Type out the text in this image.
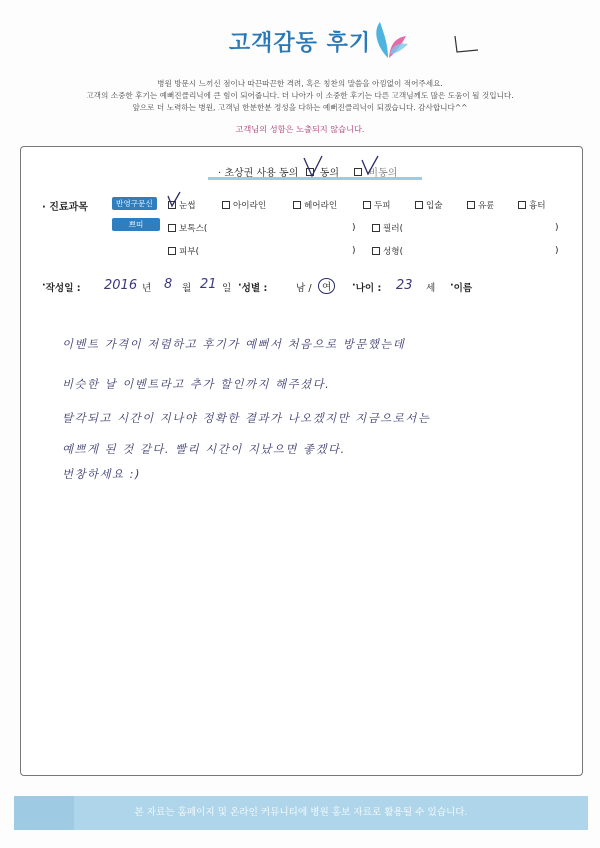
고객감동 후기
병원 방문시 느끼신 점이나 따끈따끈한 격려, 혹은 칭찬의 말씀을 아낌없이 적어주세요.
고객의 소중한 후기는 예뻐진클리닉에 큰 힘이 되어줍니다. 더 나아가 이 소중한 후기는 다른 고객님께도 많은 도움이 될 것입니다.
앞으로 더 노력하는 병원, 고객님 한분한분 정성을 다하는 예뻐진클리닉이 되겠습니다. 감사합니다^^
고객님의 성함은 노출되지 않습니다.
· 초상권 사용 동의 동의	비동의
· 진료과목	반영구문신
쁘띠
눈썹	아이라인	헤어라인	두피	입술	유륜	흉터
보톡스(	)	필러(	)
피부(	)	성형(	)
· 작성일 : 2016 년 8 월 21 일 · 성별 :	남 /	여	· 나이 : 23 세 · 이름
이벤트 가격이 저렴하고 후기가 예뻐서 처음으로 방문했는데
비슷한 날 이벤트라고 추가 할인까지 해주셨다.
탈각되고 시간이 지나야 정확한 결과가 나오겠지만 지금으로서는
예쁘게 된 것 같다. 빨리 시간이 지났으면 좋겠다.
번창하세요 :)
본 자료는 홈페이지 및 온라인 커뮤니티에 병원 홍보 자료로 활용될 수 있습니다.
